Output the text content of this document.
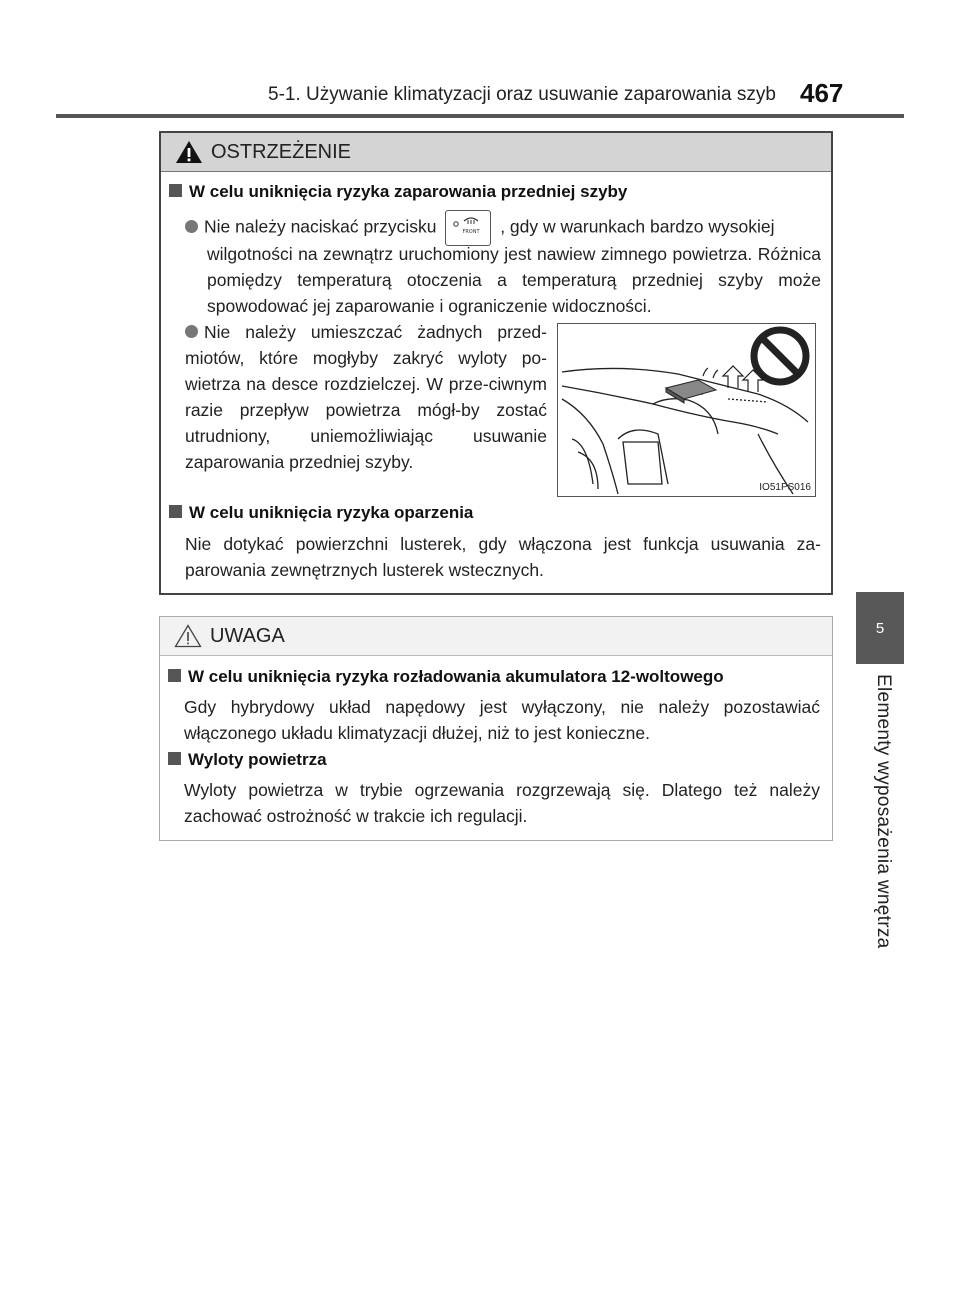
5-1. Używanie klimatyzacji oraz usuwanie zaparowania szyb 467
5
Elementy wyposażenia wnętrza
OSTRZEŻENIE
W celu uniknięcia ryzyka zaparowania przedniej szyby
Nie należy naciskać przycisku	FRONT , gdy w warunkach bardzo wysokiej
wilgotności na zewnątrz uruchomiony jest nawiew zimnego powietrza. Różnica pomiędzy temperaturą otoczenia a temperaturą przedniej szyby może spowodować jej zaparowanie i ograniczenie widoczności.
Nie należy umieszczać żadnych przed-miotów, które mogłyby zakryć wyloty po-wietrza na desce rozdzielczej. W prze-ciwnym razie przepływ powietrza mógł-by zostać utrudniony, uniemożliwiając usuwanie zaparowania przedniej szyby.
IO51PS016
W celu uniknięcia ryzyka oparzenia
Nie dotykać powierzchni lusterek, gdy włączona jest funkcja usuwania za-parowania zewnętrznych lusterek wstecznych.
UWAGA
W celu uniknięcia ryzyka rozładowania akumulatora 12-woltowego
Gdy hybrydowy układ napędowy jest wyłączony, nie należy pozostawiać włączonego układu klimatyzacji dłużej, niż to jest konieczne.
Wyloty powietrza
Wyloty powietrza w trybie ogrzewania rozgrzewają się. Dlatego też należy zachować ostrożność w trakcie ich regulacji.
